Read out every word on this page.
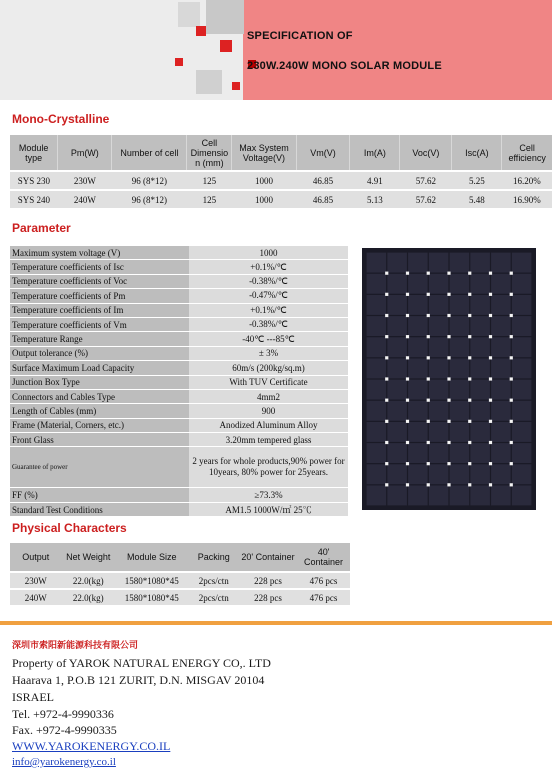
SPECIFICATION OF
230W.240W MONO SOLAR MODULE
Mono-Crystalline
Module type	Pm(W)	Number of cell	Cell Dimensio n (mm)	Max System Voltage(V)	Vm(V)	Im(A)	Voc(V)	Isc(A)	Cell efficiency
SYS 230	230W	96 (8*12)	125	1000	46.85	4.91	57.62	5.25	16.20%
SYS 240	240W	96 (8*12)	125	1000	46.85	5.13	57.62	5.48	16.90%
Parameter
Maximum system voltage (V)	1000
Temperature coefficients of Isc	+0.1%/℃
Temperature coefficients of Voc	-0.38%/℃
Temperature coefficients of Pm	-0.47%/℃
Temperature coefficients of Im	+0.1%/℃
Temperature coefficients of Vm	-0.38%/℃
Temperature Range	-40℃ ---85℃
Output tolerance (%)	± 3%
Surface Maximum Load Capacity	60m/s (200kg/sq.m)
Junction Box Type	With TUV Certificate
Connectors and Cables Type	4mm2
Length of Cables (mm)	900
Frame (Material, Corners, etc.)	Anodized Aluminum Alloy
Front Glass	3.20mm tempered glass
Guarantee of power	2 years for whole products,90% power for 10years, 80% power for 25years.
FF (%)	≥73.3%
Standard Test Conditions	AM1.5 1000W/㎡ 25℃
Physical Characters
Output	Net Weight	Module Size	Packing	20' Container	40' Container
230W	22.0(kg)	1580*1080*45	2pcs/ctn	228 pcs	476 pcs
240W	22.0(kg)	1580*1080*45	2pcs/ctn	228 pcs	476 pcs
深圳市索阳新能源科技有限公司
Property of YAROK NATURAL ENERGY CO,. LTD
Haarava 1, P.O.B 121 ZURIT, D.N. MISGAV 20104
ISRAEL
Tel. +972-4-9990336
Fax. +972-4-9990335
WWW.YAROKENERGY.CO.IL
info@yarokenergy.co.il
